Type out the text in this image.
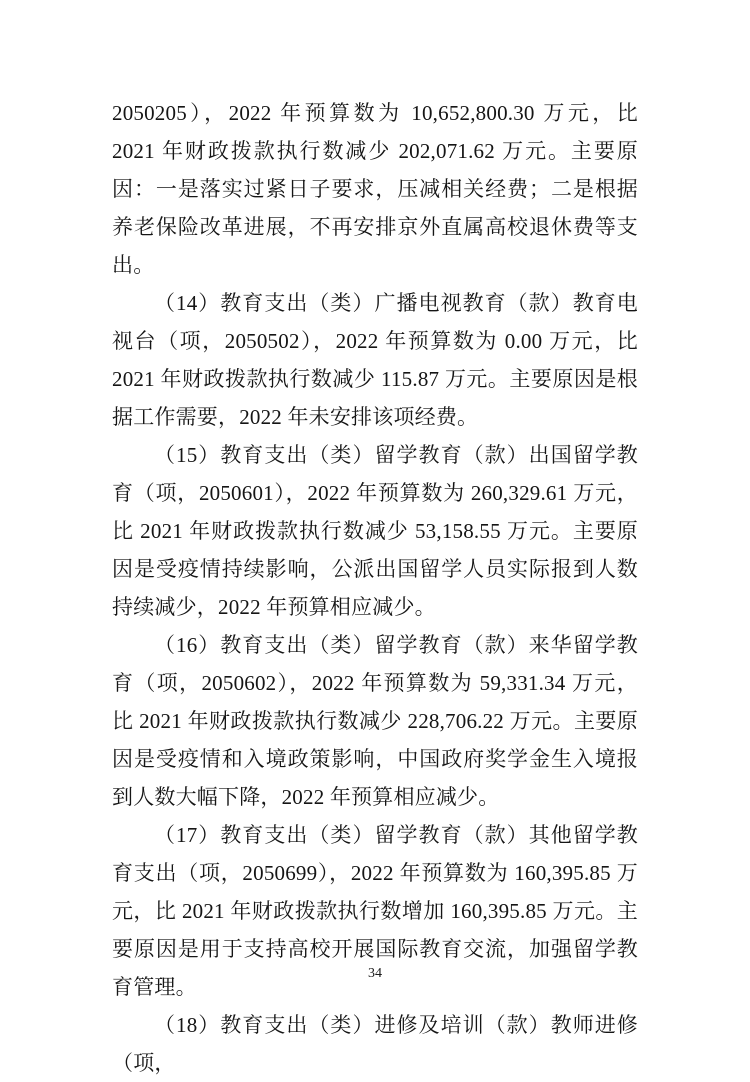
2050205），2022 年预算数为 10,652,800.30 万元，比 2021 年财政拨款执行数减少 202,071.62 万元。主要原因：一是落实过紧日子要求，压减相关经费；二是根据养老保险改革进展，不再安排京外直属高校退休费等支出。

（14）教育支出（类）广播电视教育（款）教育电视台（项，2050502），2022 年预算数为 0.00 万元，比 2021 年财政拨款执行数减少 115.87 万元。主要原因是根据工作需要，2022 年未安排该项经费。

（15）教育支出（类）留学教育（款）出国留学教育（项，2050601），2022 年预算数为 260,329.61 万元，比 2021 年财政拨款执行数减少 53,158.55 万元。主要原因是受疫情持续影响，公派出国留学人员实际报到人数持续减少，2022 年预算相应减少。

（16）教育支出（类）留学教育（款）来华留学教育（项，2050602），2022 年预算数为 59,331.34 万元，比 2021 年财政拨款执行数减少 228,706.22 万元。主要原因是受疫情和入境政策影响，中国政府奖学金生入境报到人数大幅下降，2022 年预算相应减少。

（17）教育支出（类）留学教育（款）其他留学教育支出（项，2050699），2022 年预算数为 160,395.85 万元，比 2021 年财政拨款执行数增加 160,395.85 万元。主要原因是用于支持高校开展国际教育交流，加强留学教育管理。

（18）教育支出（类）进修及培训（款）教师进修（项，

34
